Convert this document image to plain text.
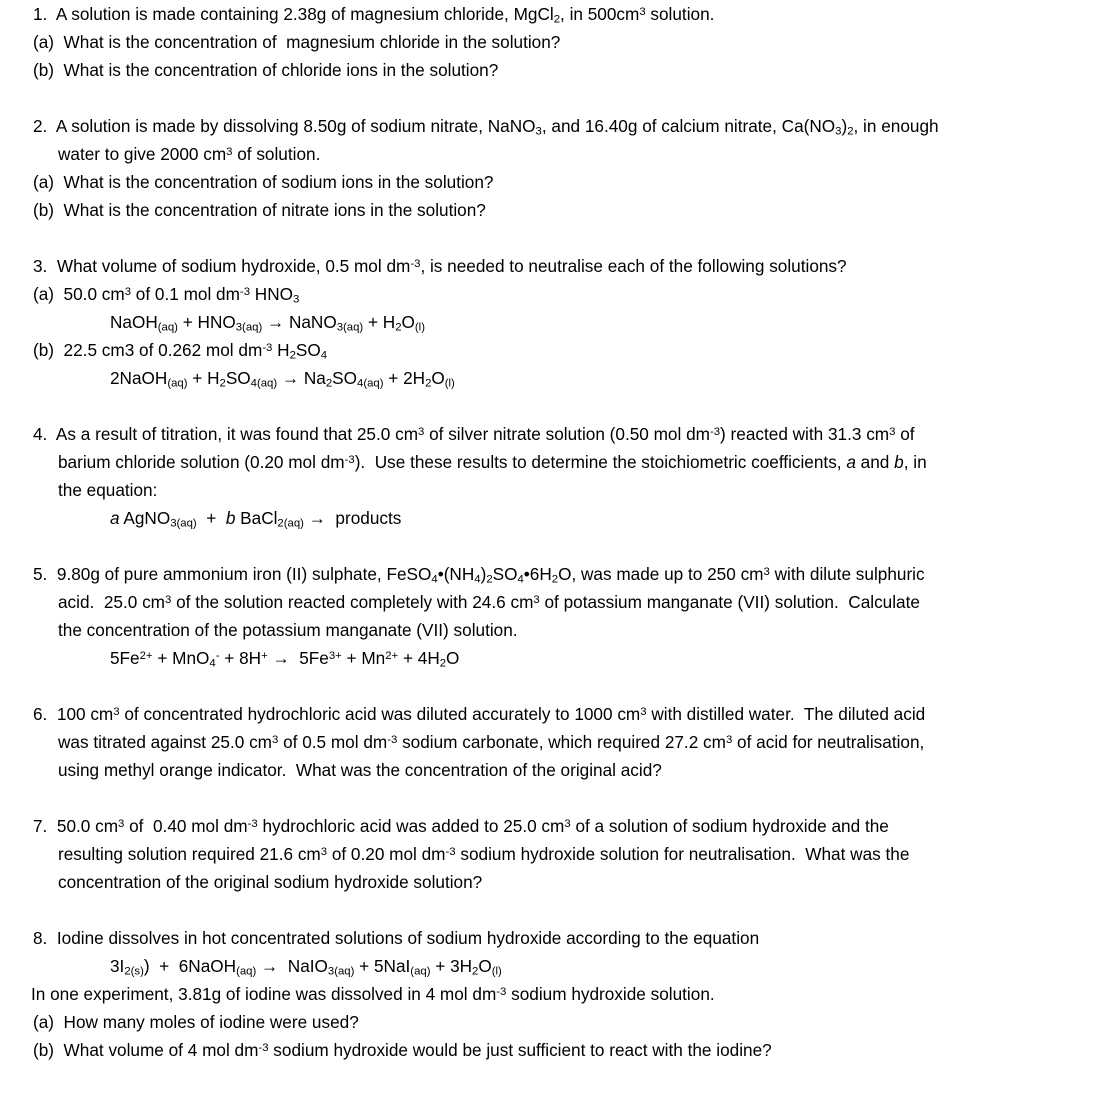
1.  A solution is made containing 2.38g of magnesium chloride, MgCl$_2$, in $500cm^3$ solution.
(a)  What is the concentration of  magnesium chloride in the solution?
(b)  What is the concentration of chloride ions in the solution?
2.  A solution is made by dissolving 8.50g of sodium nitrate, NaNO$_3$, and 16.40g of calcium nitrate, $Ca(NO_3)_2$, in enough
water to give 2000 $cm^3$ of solution.
(a)  What is the concentration of sodium ions in the solution?
(b)  What is the concentration of nitrate ions in the solution?
3.  What volume of sodium hydroxide, 0.5 mol $dm^{-3}$, is needed to neutralise each of the following solutions?
(a)  50.0 $cm^3$ of 0.1 mol $dm^{-3}$ $HNO_3$
NaOH$_{(aq)}$ + $HNO_{3(aq)}$ → NaNO$_{3(aq)}$ + $H_2O_{(l)}$
(b)  22.5 cm3 of 0.262 mol $dm^{-3}$ $H_2SO_4$
2NaOH$_{(aq)}$ + $H_2SO_{4(aq)} \to Na_2SO_{4(aq)} + 2H_2O_{(l)}$
4.  As a result of titration, it was found that 25.0 $cm^3$ of silver nitrate solution (0.50 mol $dm^{-3}$) reacted with 31.3 $cm^3$ of
barium chloride solution (0.20 mol $dm^{-3}$).  Use these results to determine the stoichiometric coefficients, a and b, in
the equation:
a AgNO$_{3(aq)}$  +  b BaCl$_{2(aq)}$ →  products
5.  9.80g of pure ammonium iron (II) sulphate, $FeSO_4•(NH_4)_2SO_4•6H_2O$, was made up to 250 $cm^3$ with dilute sulphuric
acid.  25.0 $cm^3$ of the solution reacted completely with 24.6 $cm^3$ of potassium manganate (VII) solution.  Calculate
the concentration of the potassium manganate (VII) solution.
$5Fe^{2+} + MnO_4^- + 8H^+ \to 5Fe^{3+} + Mn^{2+} + 4H_2O$
6.  100 $cm^3$ of concentrated hydrochloric acid was diluted accurately to 1000 $cm^3$ with distilled water.  The diluted acid
was titrated against 25.0 $cm^3$ of 0.5 mol $dm^{-3}$ sodium carbonate, which required 27.2 $cm^3$ of acid for neutralisation,
using methyl orange indicator.  What was the concentration of the original acid?
7.  50.0 $cm^3$ of  0.40 mol $dm^{-3}$ hydrochloric acid was added to 25.0 $cm^3$ of a solution of sodium hydroxide and the
resulting solution required 21.6 $cm^3$ of 0.20 mol $dm^{-3}$ sodium hydroxide solution for neutralisation.  What was the
concentration of the original sodium hydroxide solution?
8.  Iodine dissolves in hot concentrated solutions of sodium hydroxide according to the equation
$3I_{2(s)}$)  +  6NaOH$_{(aq)}$ →  NaIO$_{3(aq)}$ + $5NaI_{(aq)} + 3H_2O_{(l)}$
In one experiment, 3.81g of iodine was dissolved in 4 mol $dm^{-3}$ sodium hydroxide solution.
(a)  How many moles of iodine were used?
(b)  What volume of 4 mol $dm^{-3}$ sodium hydroxide would be just sufficient to react with the iodine?
